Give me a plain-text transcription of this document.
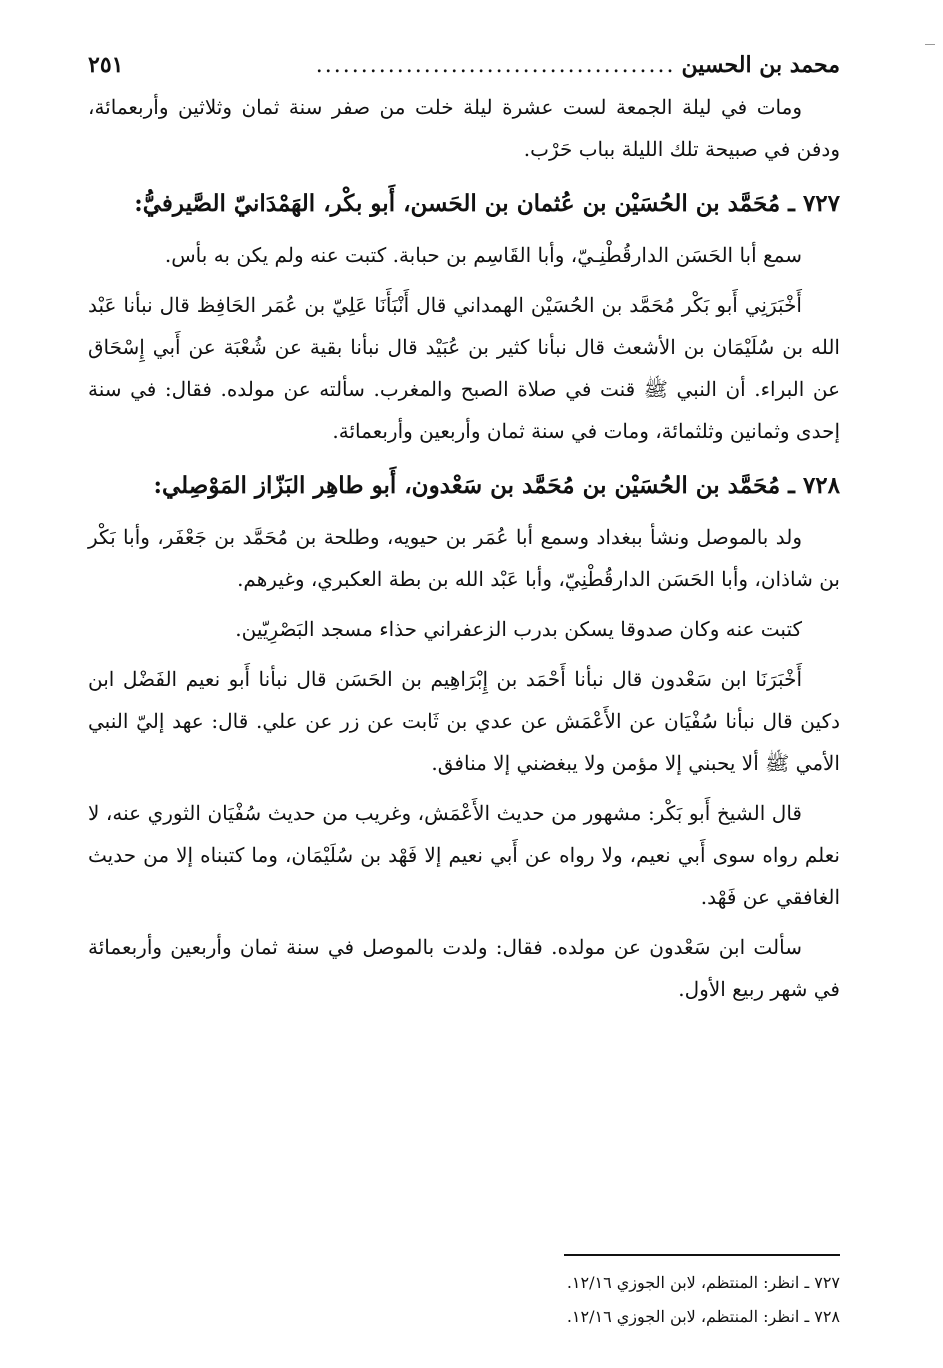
محمد بن الحسين
........................................
٢٥١

ومات في ليلة الجمعة لست عشرة ليلة خلت من صفر سنة ثمان وثلاثين وأربعمائة، ودفن في صبيحة تلك الليلة بباب حَرْب.

٧٢٧ ـ مُحَمَّد بن الحُسَيْن بن عُثمان بن الحَسن، أَبو بكْر، الهَمْدَانيّ الصَّيرفيُّ:

سمع أبا الحَسَن الدارقُطْنِـيّ، وأبا القَاسِم بن حبابة. كتبت عنه ولم يكن به بأس.

أَخْبَرَنِي أَبو بَكْر مُحَمَّد بن الحُسَيْن الهمداني قال أَنْبَأَنَا عَلِيّ بن عُمَر الحَافِظ قال نبأنا عَبْد الله بن سُلَيْمَان بن الأشعث قال نبأنا كثير بن عُبَيْد قال نبأنا بقية عن شُعْبَة عن أَبي إِسْحَاق عن البراء. أن النبي ﷺ قنت في صلاة الصبح والمغرب. سألته عن مولده. فقال: في سنة إحدى وثمانين وثلثمائة، ومات في سنة ثمان وأربعين وأربعمائة.

٧٢٨ ـ مُحَمَّد بن الحُسَيْن بن مُحَمَّد بن سَعْدون، أَبو طاهِر البَزّاز المَوْصِلي:

ولد بالموصل ونشأ ببغداد وسمع أبا عُمَر بن حيويه، وطلحة بن مُحَمَّد بن جَعْفَر، وأبا بَكْر بن شاذان، وأبا الحَسَن الدارقُطْنِيّ، وأبا عَبْد الله بن بطة العكبري، وغيرهم.

كتبت عنه وكان صدوقا يسكن بدرب الزعفراني حذاء مسجد البَصْرِيّين.

أَخْبَرَنَا ابن سَعْدون قال نبأنا أَحْمَد بن إِبْرَاهِيم بن الحَسَن قال نبأنا أَبو نعيم الفَضْل ابن دكين قال نبأنا سُفْيَان عن الأَعْمَش عن عدي بن ثَابت عن زر عن علي. قال: عهد إليّ النبي الأمي ﷺ ألا يحبني إلا مؤمن ولا يبغضني إلا منافق.

قال الشيخ أَبو بَكْر: مشهور من حديث الأَعْمَش، وغريب من حديث سُفْيَان الثوري عنه، لا نعلم رواه سوى أَبي نعيم، ولا رواه عن أَبي نعيم إلا فَهْد بن سُلَيْمَان، وما كتبناه إلا من حديث الغافقي عن فَهْد.

سألت ابن سَعْدون عن مولده. فقال: ولدت بالموصل في سنة ثمان وأربعين وأربعمائة في شهر ربيع الأول.

٧٢٧ ـ انظر: المنتظم، لابن الجوزي ١٢/١٦.

٧٢٨ ـ انظر: المنتظم، لابن الجوزي ١٢/١٦.
